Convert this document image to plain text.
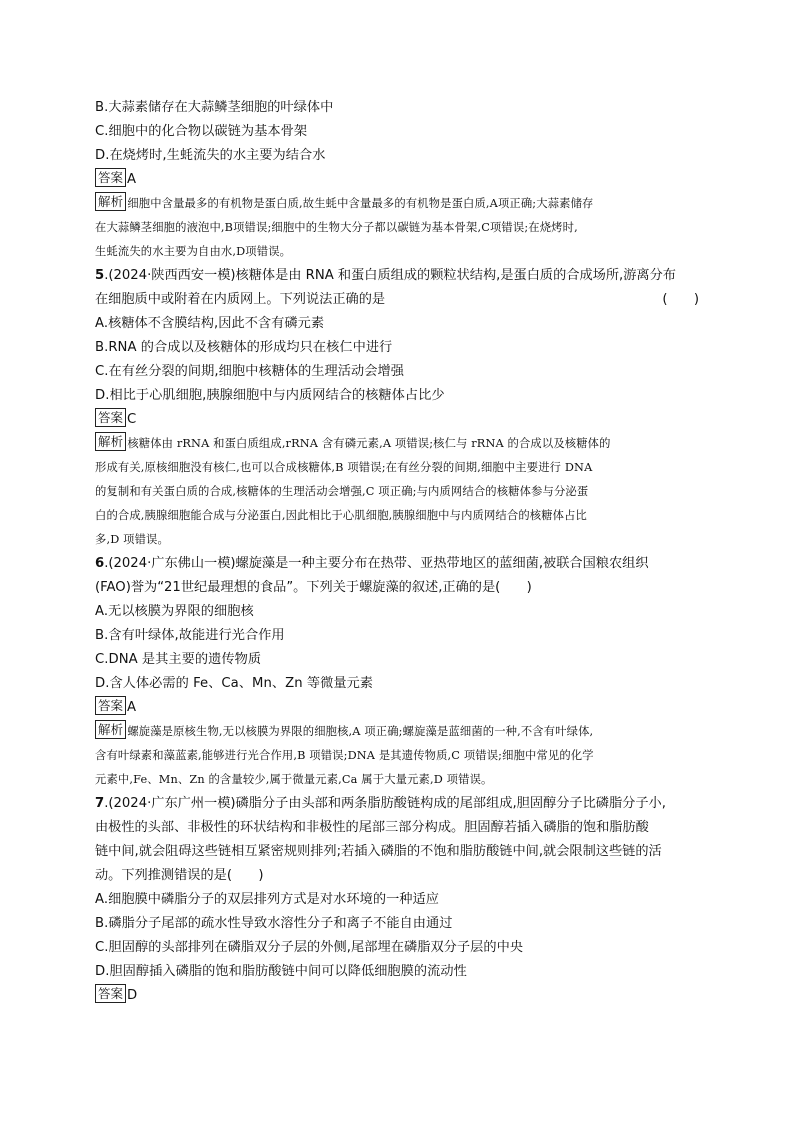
B.大蒜素储存在大蒜鳞茎细胞的叶绿体中
C.细胞中的化合物以碳链为基本骨架
D.在烧烤时,生蚝流失的水主要为结合水
答案 A
解析 细胞中含量最多的有机物是蛋白质,故生蚝中含量最多的有机物是蛋白质,A项正确;大蒜素储存
在大蒜鳞茎细胞的液泡中,B项错误;细胞中的生物大分子都以碳链为基本骨架,C项错误;在烧烤时,
生蚝流失的水主要为自由水,D项错误。
5.(2024·陕西西安一模)核糖体是由 RNA 和蛋白质组成的颗粒状结构,是蛋白质的合成场所,游离分布
在细胞质中或附着在内质网上。下列说法正确的是	(　　)
A.核糖体不含膜结构,因此不含有磷元素
B.RNA 的合成以及核糖体的形成均只在核仁中进行
C.在有丝分裂的间期,细胞中核糖体的生理活动会增强
D.相比于心肌细胞,胰腺细胞中与内质网结合的核糖体占比少
答案 C
解析 核糖体由 rRNA 和蛋白质组成,rRNA 含有磷元素,A 项错误;核仁与 rRNA 的合成以及核糖体的
形成有关,原核细胞没有核仁,也可以合成核糖体,B 项错误;在有丝分裂的间期,细胞中主要进行 DNA
的复制和有关蛋白质的合成,核糖体的生理活动会增强,C 项正确;与内质网结合的核糖体参与分泌蛋
白的合成,胰腺细胞能合成与分泌蛋白,因此相比于心肌细胞,胰腺细胞中与内质网结合的核糖体占比
多,D 项错误。
6.(2024·广东佛山一模)螺旋藻是一种主要分布在热带、亚热带地区的蓝细菌,被联合国粮农组织
(FAO)誉为“21世纪最理想的食品”。下列关于螺旋藻的叙述,正确的是(　　)
A.无以核膜为界限的细胞核
B.含有叶绿体,故能进行光合作用
C.DNA 是其主要的遗传物质
D.含人体必需的 Fe、Ca、Mn、Zn 等微量元素
答案 A
解析 螺旋藻是原核生物,无以核膜为界限的细胞核,A 项正确;螺旋藻是蓝细菌的一种,不含有叶绿体,
含有叶绿素和藻蓝素,能够进行光合作用,B 项错误;DNA 是其遗传物质,C 项错误;细胞中常见的化学
元素中,Fe、Mn、Zn 的含量较少,属于微量元素,Ca 属于大量元素,D 项错误。
7.(2024·广东广州一模)磷脂分子由头部和两条脂肪酸链构成的尾部组成,胆固醇分子比磷脂分子小,
由极性的头部、非极性的环状结构和非极性的尾部三部分构成。胆固醇若插入磷脂的饱和脂肪酸
链中间,就会阻碍这些链相互紧密规则排列;若插入磷脂的不饱和脂肪酸链中间,就会限制这些链的活
动。下列推测错误的是(　　)
A.细胞膜中磷脂分子的双层排列方式是对水环境的一种适应
B.磷脂分子尾部的疏水性导致水溶性分子和离子不能自由通过
C.胆固醇的头部排列在磷脂双分子层的外侧,尾部埋在磷脂双分子层的中央
D.胆固醇插入磷脂的饱和脂肪酸链中间可以降低细胞膜的流动性
答案 D
